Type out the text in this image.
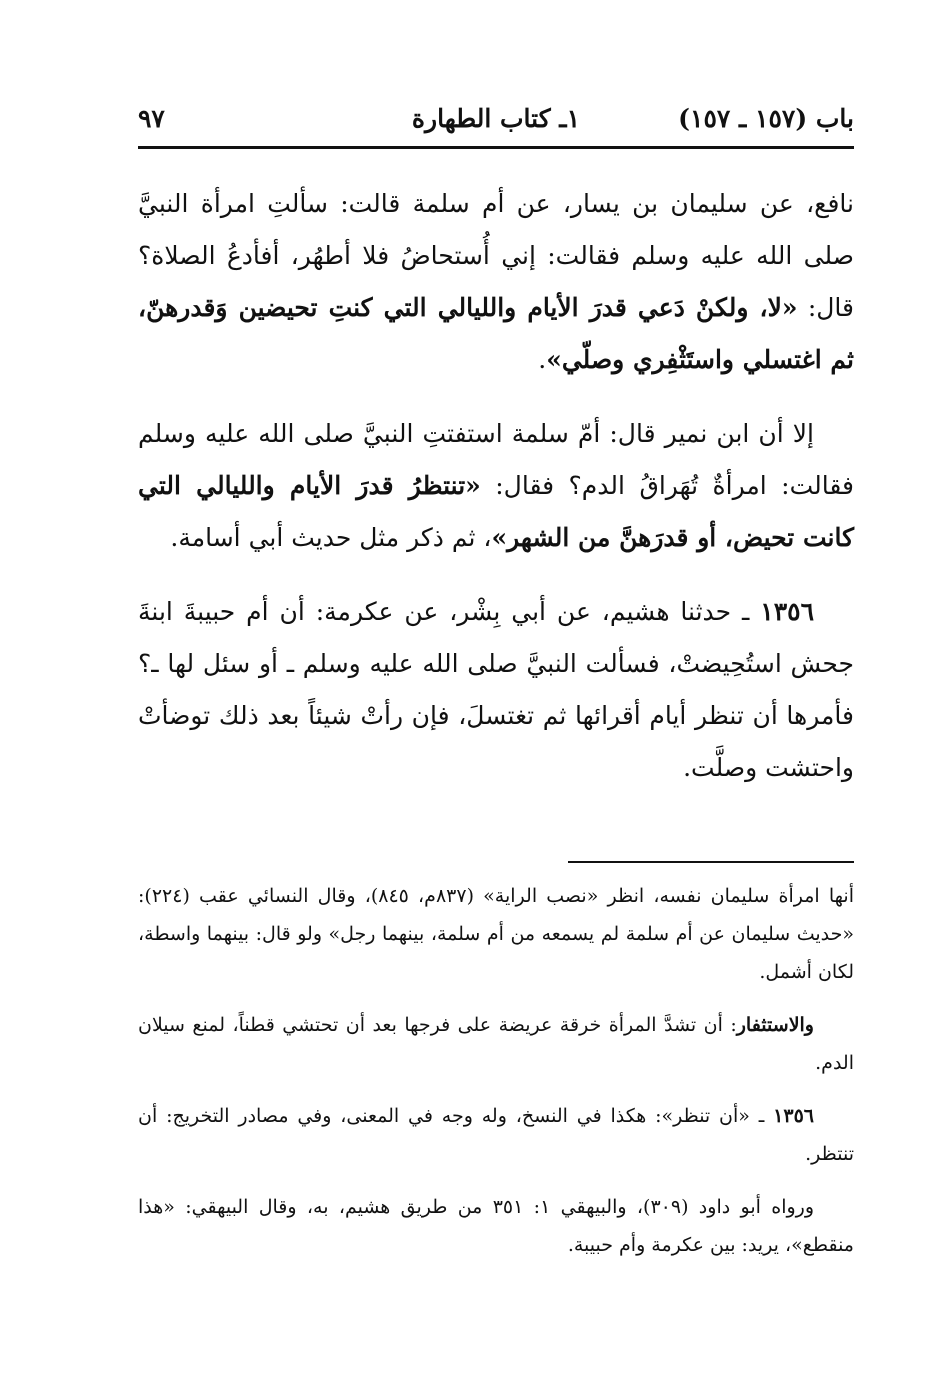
باب (١٥٧ ـ ١٥٧)
١ـ كتاب الطهارة
٩٧

نافع، عن سليمان بن يسار، عن أم سلمة قالت: سألتِ امرأة النبيَّ صلى الله عليه وسلم فقالت: إني أُستحاضُ فلا أطهُر، أفأدعُ الصلاة؟ قال: «لا، ولكنْ دَعي قدرَ الأيام والليالي التي كنتِ تحيضين وَقدرهنّ، ثم اغتسلي واستَثْفِري وصلّي».

إلا أن ابن نمير قال: أمّ سلمة استفتتِ النبيَّ صلى الله عليه وسلم فقالت: امرأةٌ تُهَراقُ الدم؟ فقال: «تنتظرُ قدرَ الأيام والليالي التي كانت تحيض، أو قدرَهنَّ من الشهر»، ثم ذكر مثل حديث أبي أسامة.

١٣٥٦ ـ حدثنا هشيم، عن أبي بِشْر، عن عكرمة: أن أم حبيبةَ ابنةَ جحش استُحِيضتْ، فسألت النبيَّ صلى الله عليه وسلم ـ أو سئل لها ـ؟ فأمرها أن تنظر أيام أقرائها ثم تغتسلَ، فإن رأتْ شيئاً بعد ذلك توضأتْ واحتشت وصلَّت.

أنها امرأة سليمان نفسه، انظر «نصب الراية» (٨٣٧م، ٨٤٥)، وقال النسائي عقب (٢٢٤): «حديث سليمان عن أم سلمة لم يسمعه من أم سلمة، بينهما رجل» ولو قال: بينهما واسطة، لكان أشمل.

والاستثفار: أن تشدَّ المرأة خرقة عريضة على فرجها بعد أن تحتشي قطناً، لمنع سيلان الدم.

١٣٥٦ ـ «أن تنظر»: هكذا في النسخ، وله وجه في المعنى، وفي مصادر التخريج: أن تنتظر.

ورواه أبو داود (٣٠٩)، والبيهقي ١: ٣٥١ من طريق هشيم، به، وقال البيهقي: «هذا منقطع»، يريد: بين عكرمة وأم حبيبة.
